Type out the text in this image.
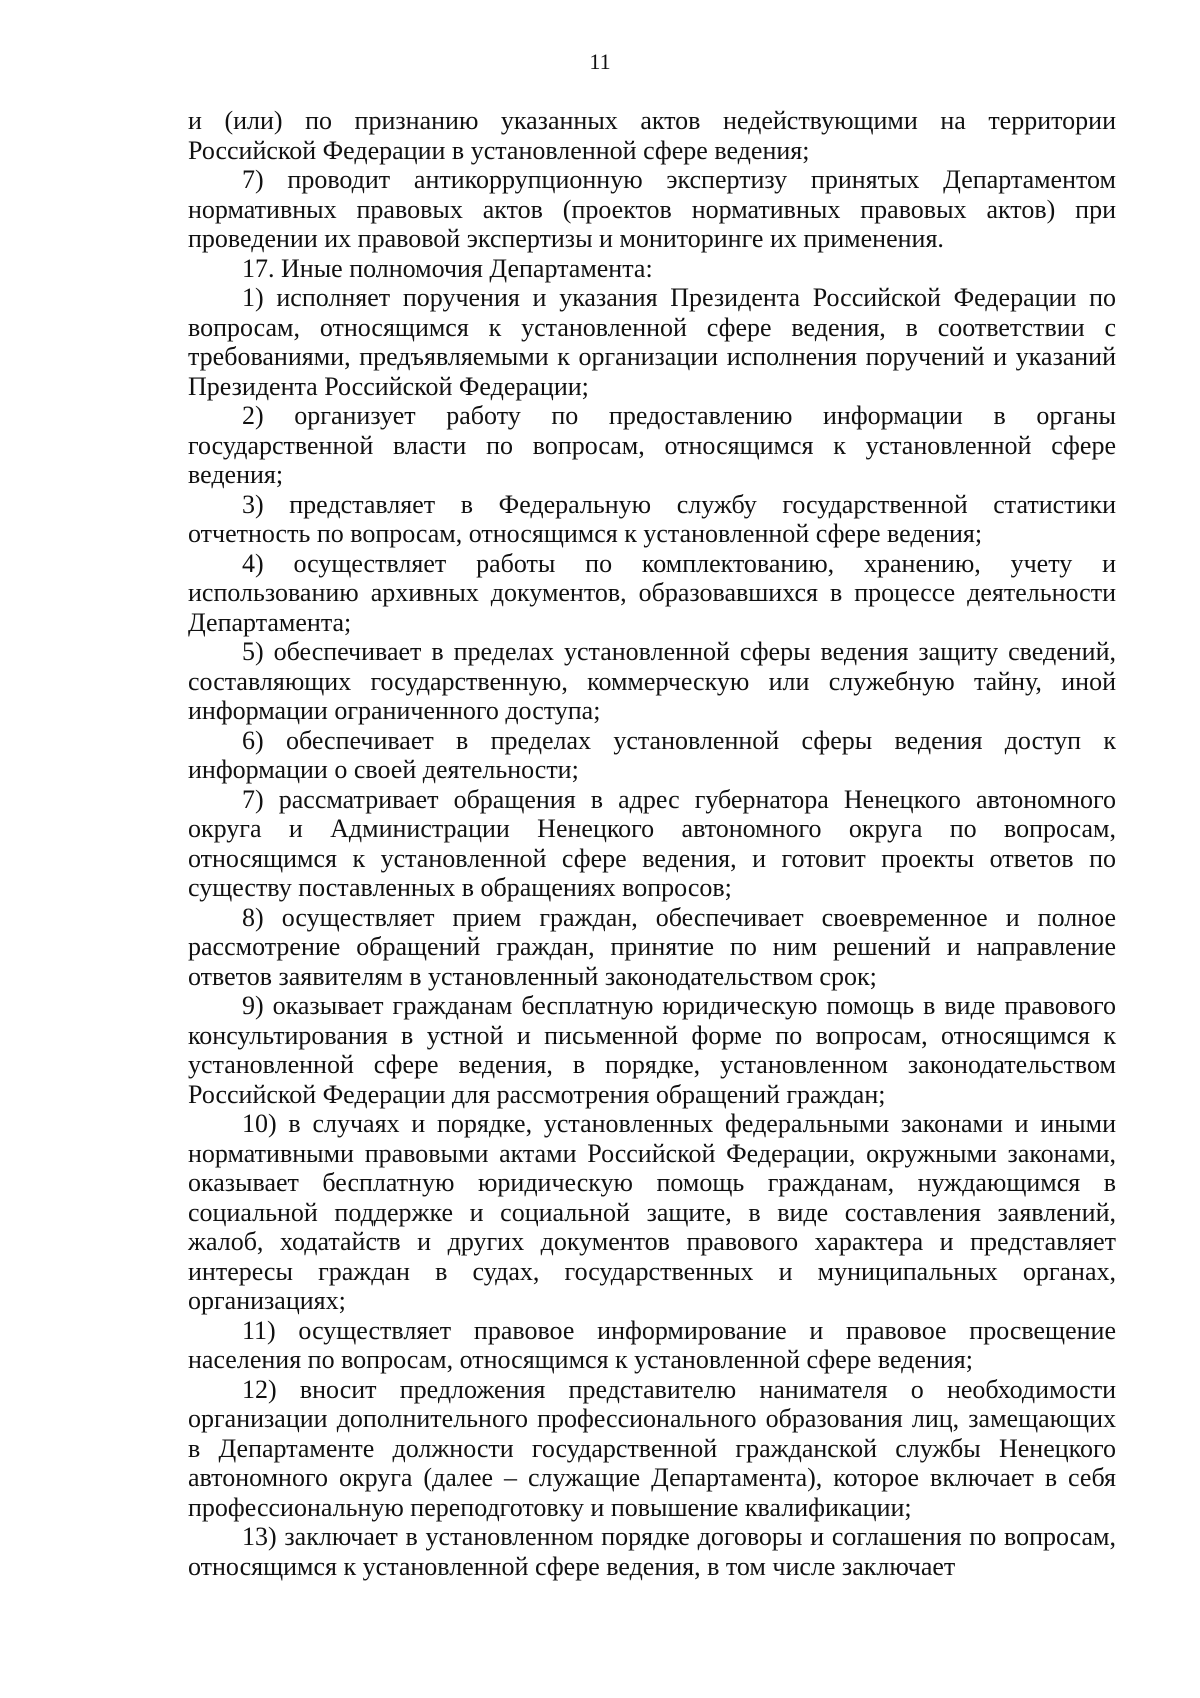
11

и (или) по признанию указанных актов недействующими на территории Российской Федерации в установленной сфере ведения;

7) проводит антикоррупционную экспертизу принятых Департаментом нормативных правовых актов (проектов нормативных правовых актов) при проведении их правовой экспертизы и мониторинге их применения.

17. Иные полномочия Департамента:

1) исполняет поручения и указания Президента Российской Федерации по вопросам, относящимся к установленной сфере ведения, в соответствии с требованиями, предъявляемыми к организации исполнения поручений и указаний Президента Российской Федерации;

2) организует работу по предоставлению информации в органы государственной власти по вопросам, относящимся к установленной сфере ведения;

3) представляет в Федеральную службу государственной статистики отчетность по вопросам, относящимся к установленной сфере ведения;

4) осуществляет работы по комплектованию, хранению, учету и использованию архивных документов, образовавшихся в процессе деятельности Департамента;

5) обеспечивает в пределах установленной сферы ведения защиту сведений, составляющих государственную, коммерческую или служебную тайну, иной информации ограниченного доступа;

6) обеспечивает в пределах установленной сферы ведения доступ к информации о своей деятельности;

7) рассматривает обращения в адрес губернатора Ненецкого автономного округа и Администрации Ненецкого автономного округа по вопросам, относящимся к установленной сфере ведения, и готовит проекты ответов по существу поставленных в обращениях вопросов;

8) осуществляет прием граждан, обеспечивает своевременное и полное рассмотрение обращений граждан, принятие по ним решений и направление ответов заявителям в установленный законодательством срок;

9) оказывает гражданам бесплатную юридическую помощь в виде правового консультирования в устной и письменной форме по вопросам, относящимся к установленной сфере ведения, в порядке, установленном законодательством Российской Федерации для рассмотрения обращений граждан;

10) в случаях и порядке, установленных федеральными законами и иными нормативными правовыми актами Российской Федерации, окружными законами, оказывает бесплатную юридическую помощь гражданам, нуждающимся в социальной поддержке и социальной защите, в виде составления заявлений, жалоб, ходатайств и других документов правового характера и представляет интересы граждан в судах, государственных и муниципальных органах, организациях;

11) осуществляет правовое информирование и правовое просвещение населения по вопросам, относящимся к установленной сфере ведения;

12) вносит предложения представителю нанимателя о необходимости организации дополнительного профессионального образования лиц, замещающих в Департаменте должности государственной гражданской службы Ненецкого автономного округа (далее – служащие Департамента), которое включает в себя профессиональную переподготовку и повышение квалификации;

13) заключает в установленном порядке договоры и соглашения по вопросам, относящимся к установленной сфере ведения, в том числе заключает
